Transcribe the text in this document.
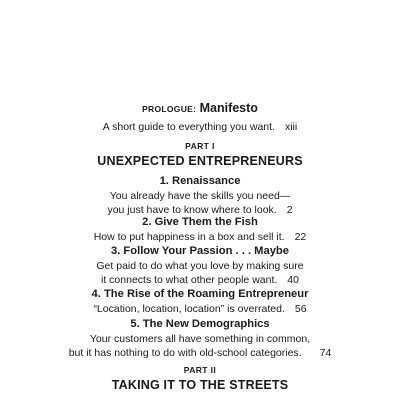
PROLOGUE: Manifesto
A short guide to everything you want. xiii
PART I
UNEXPECTED ENTREPRENEURS
1. Renaissance
You already have the skills you need—
you just have to know where to look. 2
2. Give Them the Fish
How to put happiness in a box and sell it. 22
3. Follow Your Passion . . . Maybe
Get paid to do what you love by making sure
it connects to what other people want. 40
4. The Rise of the Roaming Entrepreneur
“Location, location, location” is overrated. 56
5. The New Demographics
Your customers all have something in common,
but it has nothing to do with old-school categories. 74
PART II
TAKING IT TO THE STREETS
